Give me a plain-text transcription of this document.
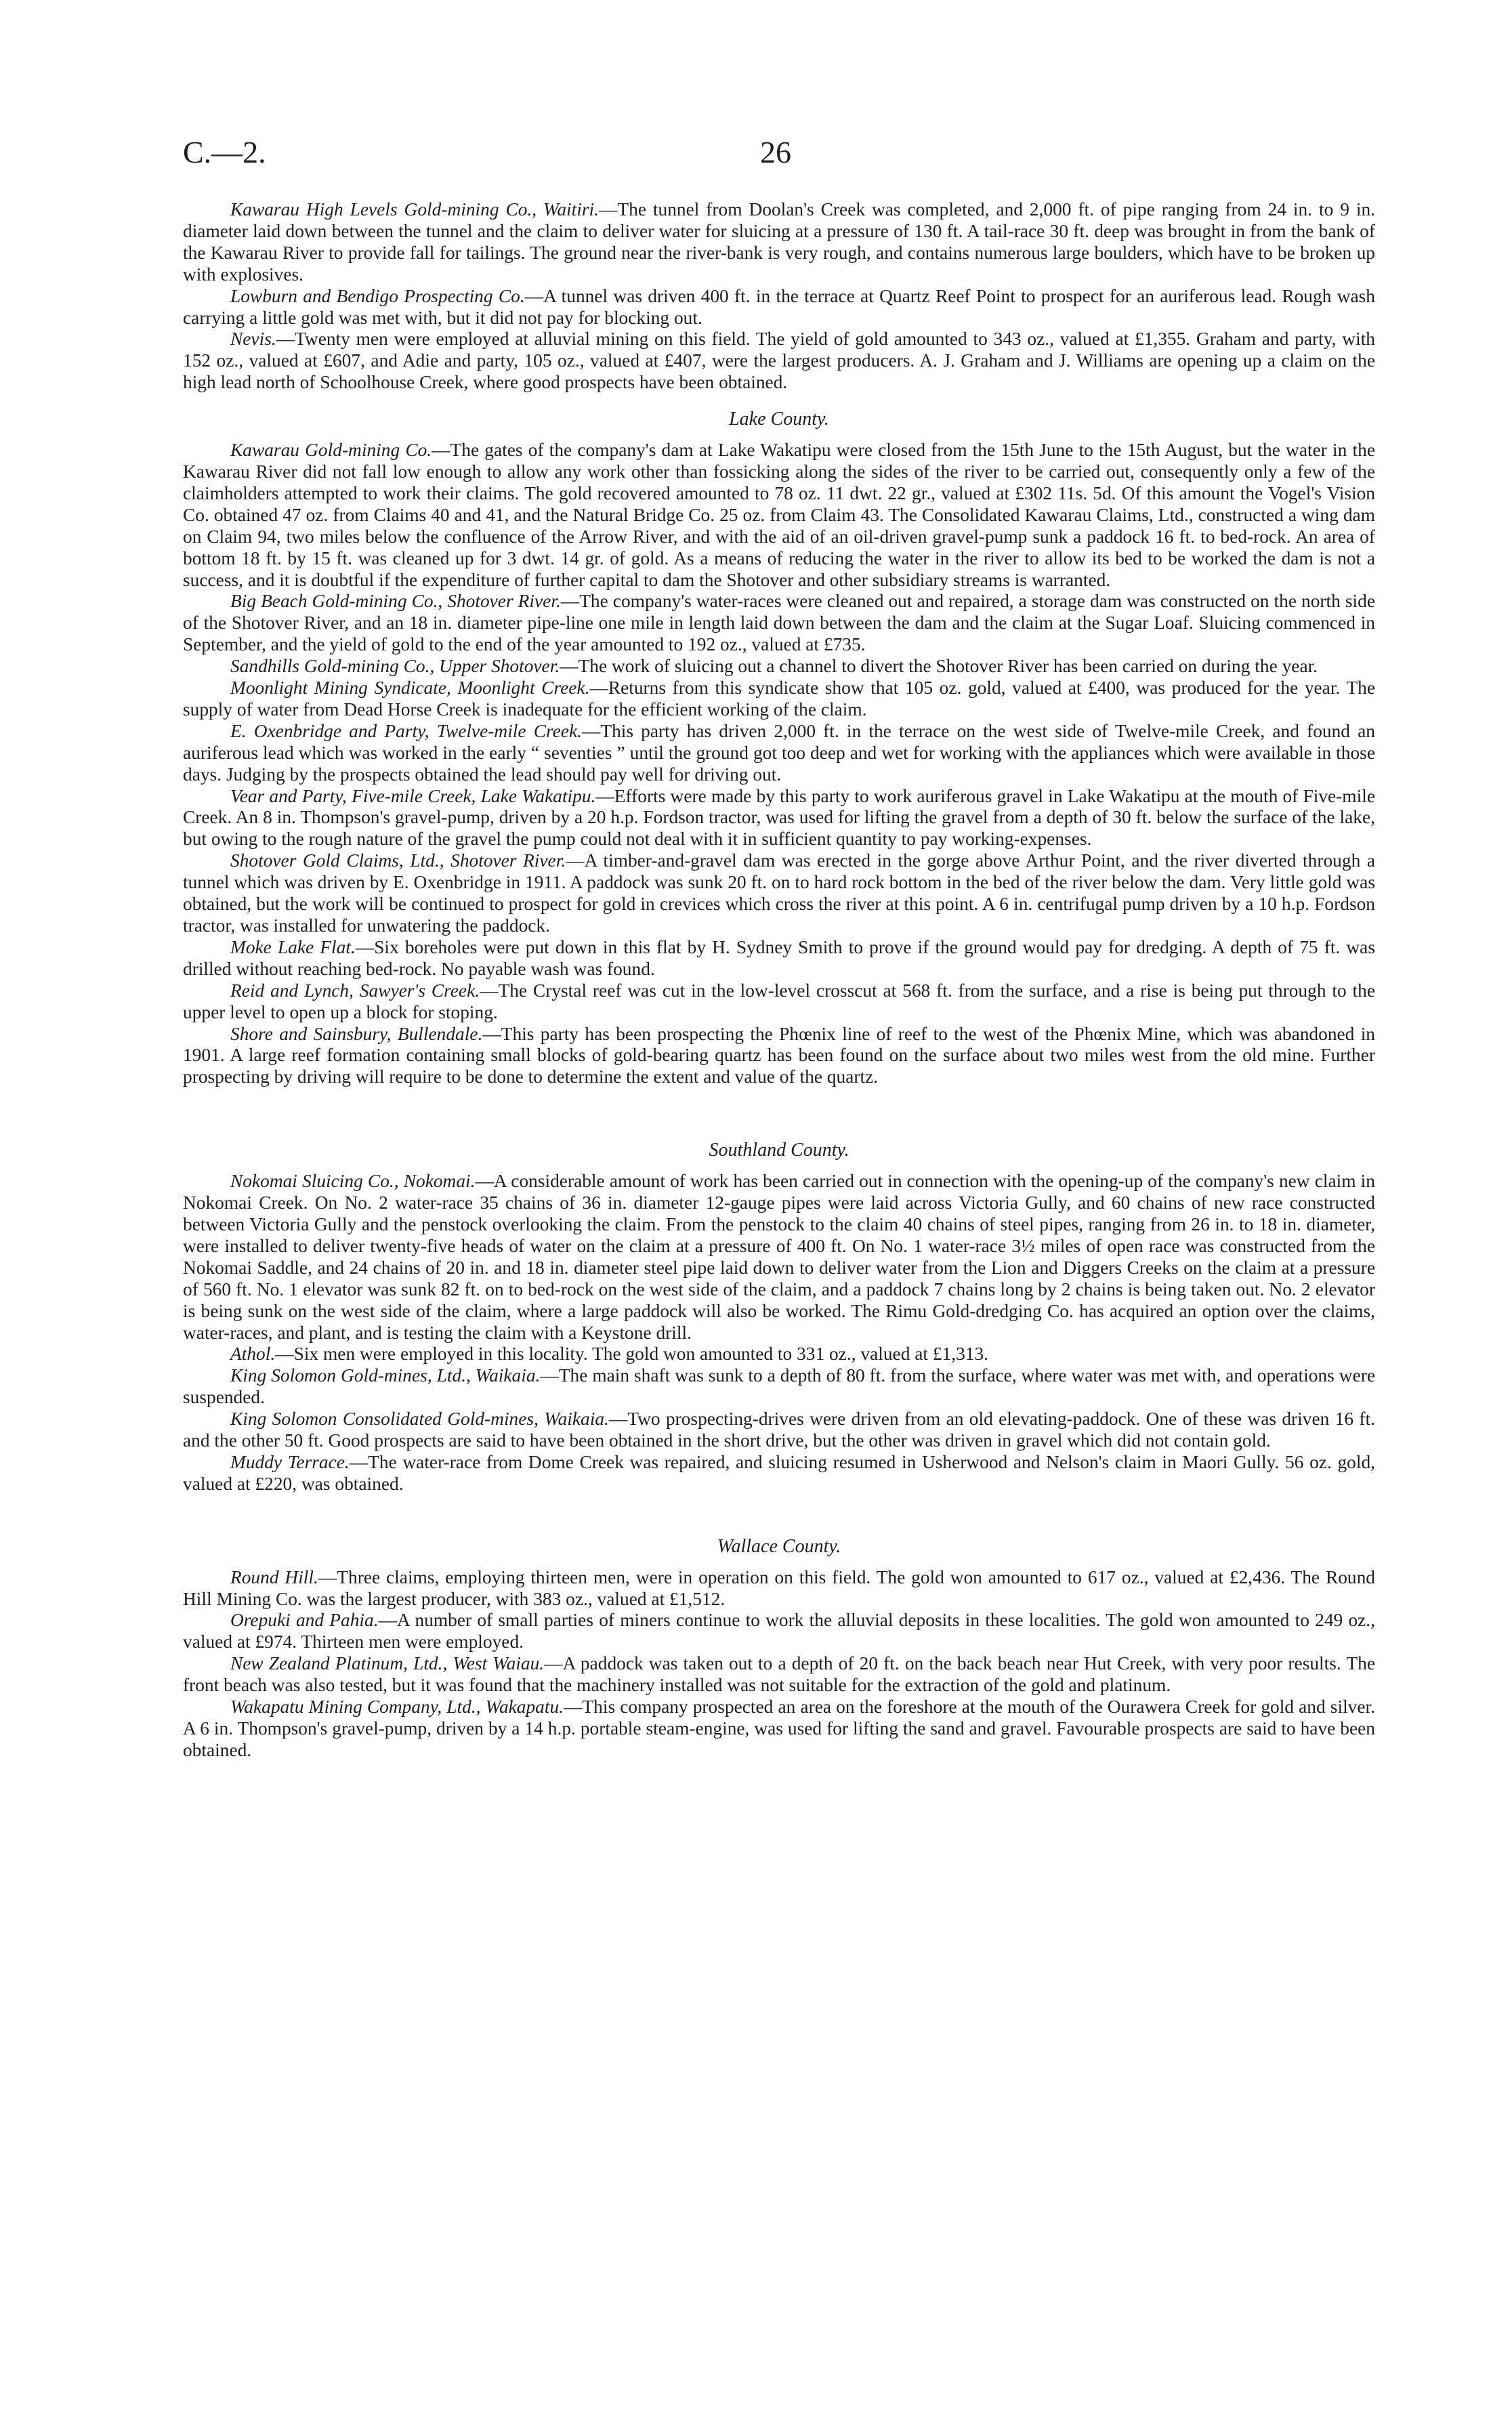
C.—2.	26

Kawarau High Levels Gold-mining Co., Waitiri.—The tunnel from Doolan's Creek was completed, and 2,000 ft. of pipe ranging from 24 in. to 9 in. diameter laid down between the tunnel and the claim to deliver water for sluicing at a pressure of 130 ft. A tail-race 30 ft. deep was brought in from the bank of the Kawarau River to provide fall for tailings. The ground near the river-bank is very rough, and contains numerous large boulders, which have to be broken up with explosives.

Lowburn and Bendigo Prospecting Co.—A tunnel was driven 400 ft. in the terrace at Quartz Reef Point to prospect for an auriferous lead. Rough wash carrying a little gold was met with, but it did not pay for blocking out.

Nevis.—Twenty men were employed at alluvial mining on this field. The yield of gold amounted to 343 oz., valued at £1,355. Graham and party, with 152 oz., valued at £607, and Adie and party, 105 oz., valued at £407, were the largest producers. A. J. Graham and J. Williams are opening up a claim on the high lead north of Schoolhouse Creek, where good prospects have been obtained.

Lake County.

Kawarau Gold-mining Co.—The gates of the company's dam at Lake Wakatipu were closed from the 15th June to the 15th August, but the water in the Kawarau River did not fall low enough to allow any work other than fossicking along the sides of the river to be carried out, consequently only a few of the claimholders attempted to work their claims. The gold recovered amounted to 78 oz. 11 dwt. 22 gr., valued at £302 11s. 5d. Of this amount the Vogel's Vision Co. obtained 47 oz. from Claims 40 and 41, and the Natural Bridge Co. 25 oz. from Claim 43. The Consolidated Kawarau Claims, Ltd., constructed a wing dam on Claim 94, two miles below the confluence of the Arrow River, and with the aid of an oil-driven gravel-pump sunk a paddock 16 ft. to bed-rock. An area of bottom 18 ft. by 15 ft. was cleaned up for 3 dwt. 14 gr. of gold. As a means of reducing the water in the river to allow its bed to be worked the dam is not a success, and it is doubtful if the expenditure of further capital to dam the Shotover and other subsidiary streams is warranted.

Big Beach Gold-mining Co., Shotover River.—The company's water-races were cleaned out and repaired, a storage dam was constructed on the north side of the Shotover River, and an 18 in. diameter pipe-line one mile in length laid down between the dam and the claim at the Sugar Loaf. Sluicing commenced in September, and the yield of gold to the end of the year amounted to 192 oz., valued at £735.

Sandhills Gold-mining Co., Upper Shotover.—The work of sluicing out a channel to divert the Shotover River has been carried on during the year.

Moonlight Mining Syndicate, Moonlight Creek.—Returns from this syndicate show that 105 oz. gold, valued at £400, was produced for the year. The supply of water from Dead Horse Creek is inadequate for the efficient working of the claim.

E. Oxenbridge and Party, Twelve-mile Creek.—This party has driven 2,000 ft. in the terrace on the west side of Twelve-mile Creek, and found an auriferous lead which was worked in the early “ seventies ” until the ground got too deep and wet for working with the appliances which were available in those days. Judging by the prospects obtained the lead should pay well for driving out.

Vear and Party, Five-mile Creek, Lake Wakatipu.—Efforts were made by this party to work auriferous gravel in Lake Wakatipu at the mouth of Five-mile Creek. An 8 in. Thompson's gravel-pump, driven by a 20 h.p. Fordson tractor, was used for lifting the gravel from a depth of 30 ft. below the surface of the lake, but owing to the rough nature of the gravel the pump could not deal with it in sufficient quantity to pay working-expenses.

Shotover Gold Claims, Ltd., Shotover River.—A timber-and-gravel dam was erected in the gorge above Arthur Point, and the river diverted through a tunnel which was driven by E. Oxenbridge in 1911. A paddock was sunk 20 ft. on to hard rock bottom in the bed of the river below the dam. Very little gold was obtained, but the work will be continued to prospect for gold in crevices which cross the river at this point. A 6 in. centrifugal pump driven by a 10 h.p. Fordson tractor, was installed for unwatering the paddock.

Moke Lake Flat.—Six boreholes were put down in this flat by H. Sydney Smith to prove if the ground would pay for dredging. A depth of 75 ft. was drilled without reaching bed-rock. No payable wash was found.

Reid and Lynch, Sawyer's Creek.—The Crystal reef was cut in the low-level crosscut at 568 ft. from the surface, and a rise is being put through to the upper level to open up a block for stoping.

Shore and Sainsbury, Bullendale.—This party has been prospecting the Phœnix line of reef to the west of the Phœnix Mine, which was abandoned in 1901. A large reef formation containing small blocks of gold-bearing quartz has been found on the surface about two miles west from the old mine. Further prospecting by driving will require to be done to determine the extent and value of the quartz.

Southland County.

Nokomai Sluicing Co., Nokomai.—A considerable amount of work has been carried out in connection with the opening-up of the company's new claim in Nokomai Creek. On No. 2 water-race 35 chains of 36 in. diameter 12-gauge pipes were laid across Victoria Gully, and 60 chains of new race constructed between Victoria Gully and the penstock overlooking the claim. From the penstock to the claim 40 chains of steel pipes, ranging from 26 in. to 18 in. diameter, were installed to deliver twenty-five heads of water on the claim at a pressure of 400 ft. On No. 1 water-race 3½ miles of open race was constructed from the Nokomai Saddle, and 24 chains of 20 in. and 18 in. diameter steel pipe laid down to deliver water from the Lion and Diggers Creeks on the claim at a pressure of 560 ft. No. 1 elevator was sunk 82 ft. on to bed-rock on the west side of the claim, and a paddock 7 chains long by 2 chains is being taken out. No. 2 elevator is being sunk on the west side of the claim, where a large paddock will also be worked. The Rimu Gold-dredging Co. has acquired an option over the claims, water-races, and plant, and is testing the claim with a Keystone drill.

Athol.—Six men were employed in this locality. The gold won amounted to 331 oz., valued at £1,313.

King Solomon Gold-mines, Ltd., Waikaia.—The main shaft was sunk to a depth of 80 ft. from the surface, where water was met with, and operations were suspended.

King Solomon Consolidated Gold-mines, Waikaia.—Two prospecting-drives were driven from an old elevating-paddock. One of these was driven 16 ft. and the other 50 ft. Good prospects are said to have been obtained in the short drive, but the other was driven in gravel which did not contain gold.

Muddy Terrace.—The water-race from Dome Creek was repaired, and sluicing resumed in Usherwood and Nelson's claim in Maori Gully. 56 oz. gold, valued at £220, was obtained.

Wallace County.

Round Hill.—Three claims, employing thirteen men, were in operation on this field. The gold won amounted to 617 oz., valued at £2,436. The Round Hill Mining Co. was the largest producer, with 383 oz., valued at £1,512.

Orepuki and Pahia.—A number of small parties of miners continue to work the alluvial deposits in these localities. The gold won amounted to 249 oz., valued at £974. Thirteen men were employed.

New Zealand Platinum, Ltd., West Waiau.—A paddock was taken out to a depth of 20 ft. on the back beach near Hut Creek, with very poor results. The front beach was also tested, but it was found that the machinery installed was not suitable for the extraction of the gold and platinum.

Wakapatu Mining Company, Ltd., Wakapatu.—This company prospected an area on the foreshore at the mouth of the Ourawera Creek for gold and silver. A 6 in. Thompson's gravel-pump, driven by a 14 h.p. portable steam-engine, was used for lifting the sand and gravel. Favourable prospects are said to have been obtained.
